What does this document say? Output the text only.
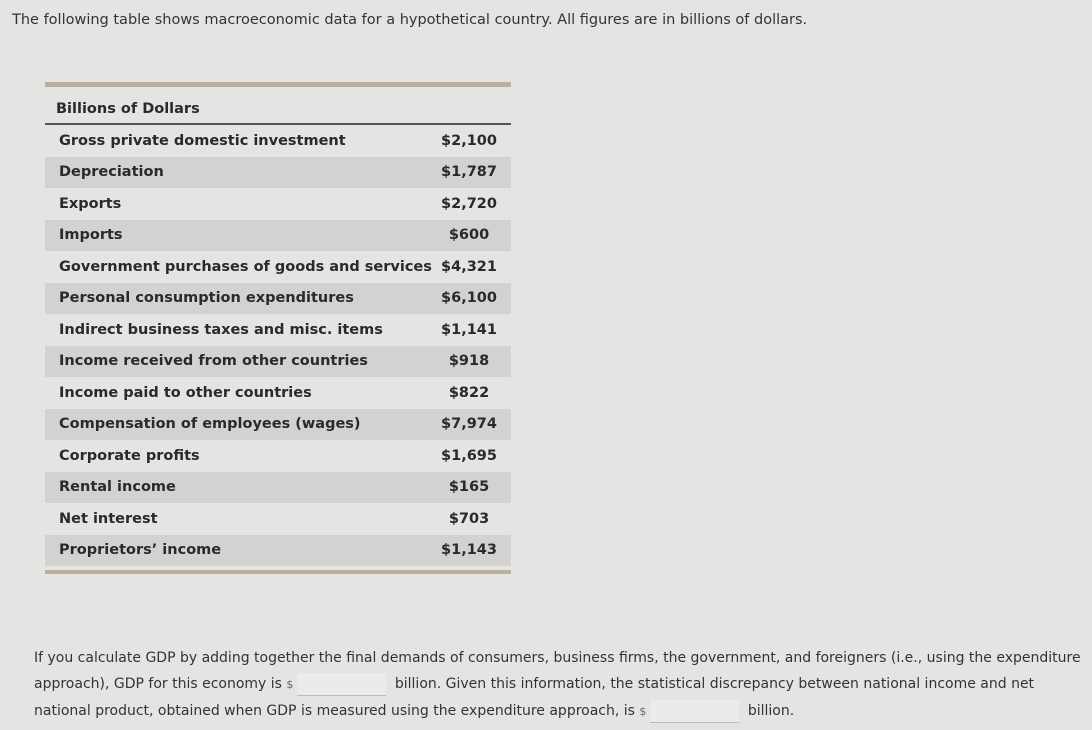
The following table shows macroeconomic data for a hypothetical country. All figures are in billions of dollars.
Billions of Dollars
Gross private domestic investment	$2,100
Depreciation	$1,787
Exports	$2,720
Imports	$600
Government purchases of goods and services $4,321
Personal consumption expenditures	$6,100
Indirect business taxes and misc. items	$1,141
Income received from other countries	$918
Income paid to other countries	$822
Compensation of employees (wages)	$7,974
Corporate profits	$1,695
Rental income	$165
Net interest	$703
Proprietors’ income	$1,143
If you calculate GDP by adding together the final demands of consumers, business firms, the government, and foreigners (i.e., using the expenditure approach), GDP for this economy is $	billion. Given this information, the statistical discrepancy between national income and net national product, obtained when GDP is measured using the expenditure approach, is $	billion.
